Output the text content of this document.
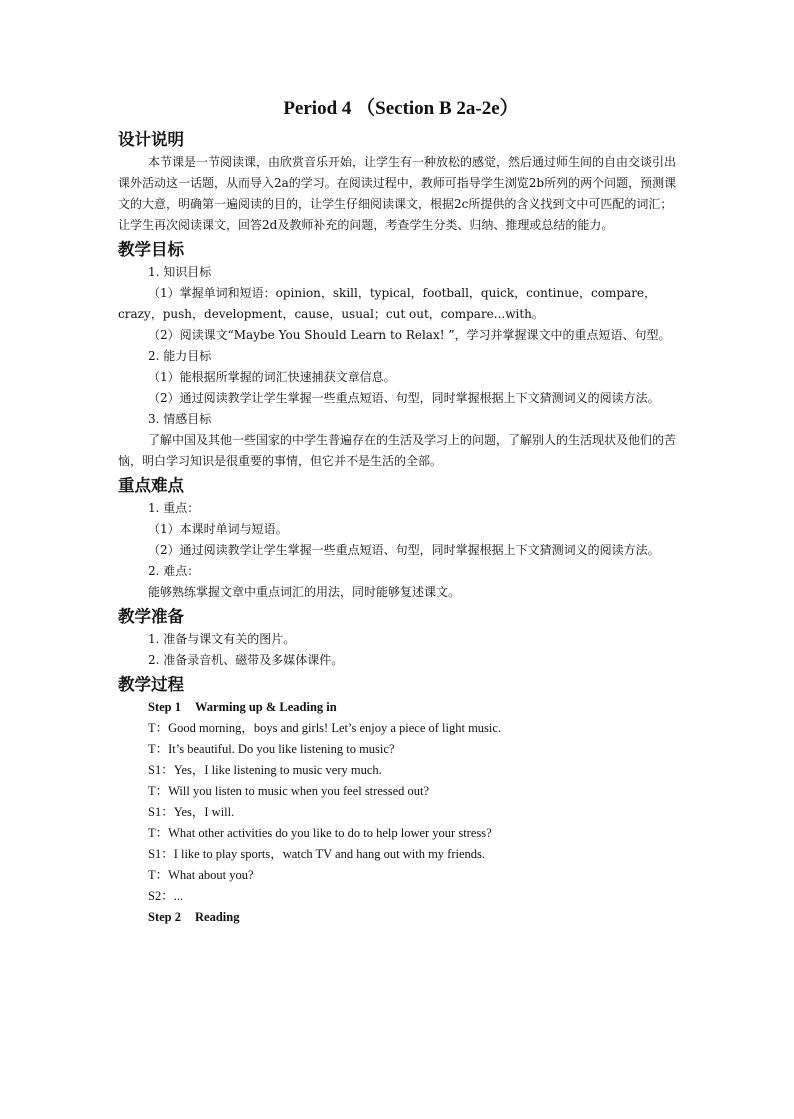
Period 4 （Section B 2a-2e）
设计说明

本节课是一节阅读课，由欣赏音乐开始，让学生有一种放松的感觉，然后通过师生间的自由交谈引出课外活动这一话题，从而导入2a的学习。在阅读过程中，教师可指导学生浏览2b所列的两个问题，预测课文的大意，明确第一遍阅读的目的，让学生仔细阅读课文，根据2c所提供的含义找到文中可匹配的词汇；让学生再次阅读课文，回答2d及教师补充的问题，考查学生分类、归纳、推理或总结的能力。

教学目标

1. 知识目标

（1）掌握单词和短语：opinion，skill，typical，football，quick，continue，compare，crazy，push，development，cause，usual；cut out，compare...with。

（2）阅读课文“Maybe You Should Learn to Relax! ”，学习并掌握课文中的重点短语、句型。

2. 能力目标

（1）能根据所掌握的词汇快速捕获文章信息。

（2）通过阅读教学让学生掌握一些重点短语、句型，同时掌握根据上下文猜测词义的阅读方法。

3. 情感目标

了解中国及其他一些国家的中学生普遍存在的生活及学习上的问题，了解别人的生活现状及他们的苦恼，明白学习知识是很重要的事情，但它并不是生活的全部。

重点难点

1. 重点：

（1）本课时单词与短语。

（2）通过阅读教学让学生掌握一些重点短语、句型，同时掌握根据上下文猜测词义的阅读方法。

2. 难点：

能够熟练掌握文章中重点词汇的用法，同时能够复述课文。

教学准备

1. 准备与课文有关的图片。

2. 准备录音机、磁带及多媒体课件。

教学过程

Step 1 Warming up & Leading in

T：Good morning，boys and girls! Let’s enjoy a piece of light music.

T：It’s beautiful. Do you like listening to music?

S1：Yes，I like listening to music very much.

T：Will you listen to music when you feel stressed out?

S1：Yes，I will.

T：What other activities do you like to do to help lower your stress?

S1：I like to play sports，watch TV and hang out with my friends.

T：What about you?

S2：...

Step 2 Reading
